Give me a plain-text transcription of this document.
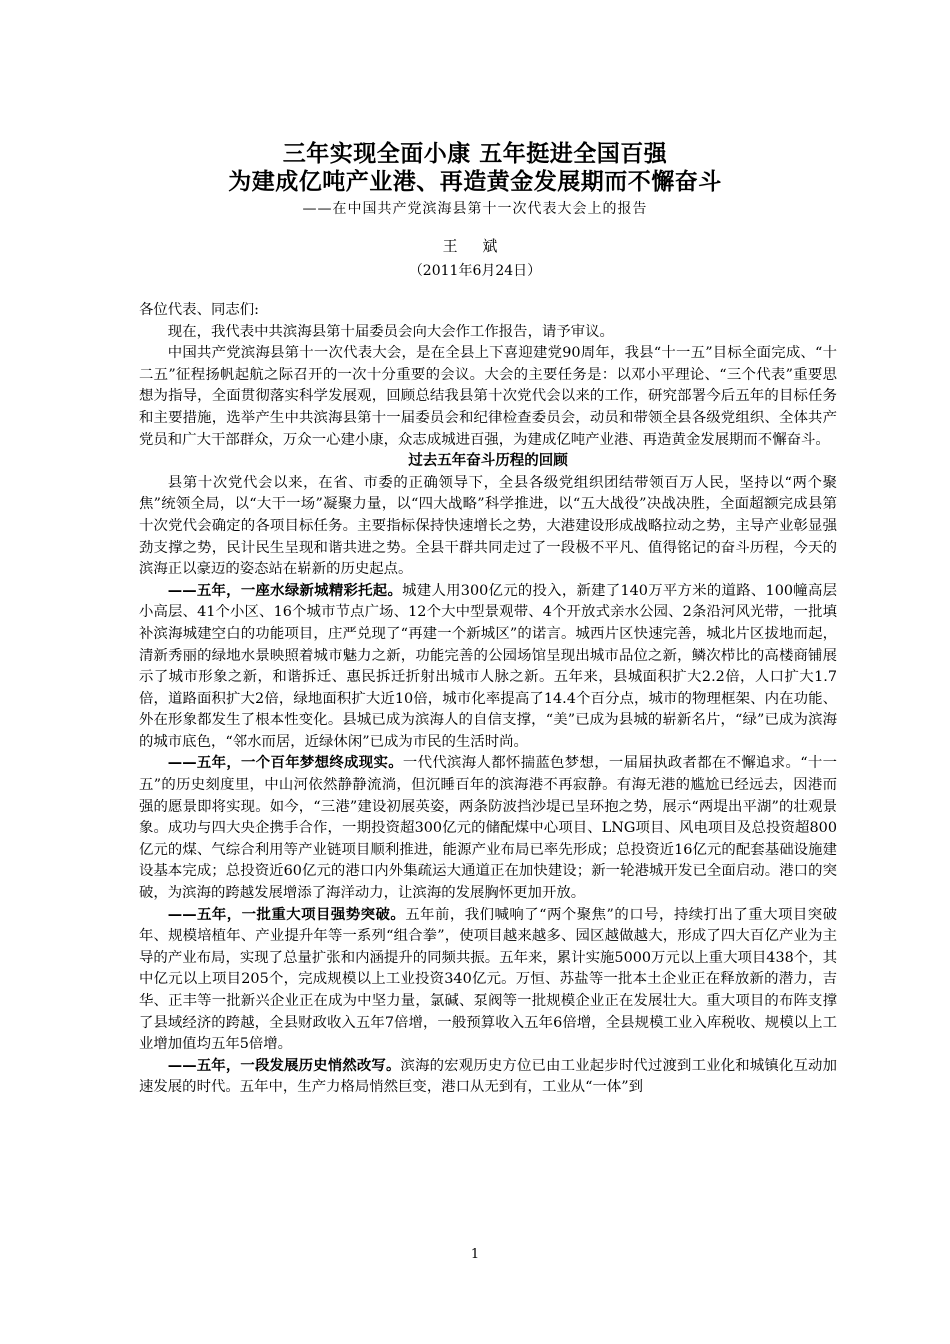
三年实现全面小康 五年挺进全国百强
为建成亿吨产业港、再造黄金发展期而不懈奋斗
——在中国共产党滨海县第十一次代表大会上的报告
王 斌
（2011年6月24日）

各位代表、同志们:

现在，我代表中共滨海县第十届委员会向大会作工作报告，请予审议。

中国共产党滨海县第十一次代表大会，是在全县上下喜迎建党90周年，我县“十一五”目标全面完成、“十二五”征程扬帆起航之际召开的一次十分重要的会议。大会的主要任务是：以邓小平理论、“三个代表”重要思想为指导，全面贯彻落实科学发展观，回顾总结我县第十次党代会以来的工作，研究部署今后五年的目标任务和主要措施，选举产生中共滨海县第十一届委员会和纪律检查委员会，动员和带领全县各级党组织、全体共产党员和广大干部群众，万众一心建小康，众志成城进百强，为建成亿吨产业港、再造黄金发展期而不懈奋斗。

过去五年奋斗历程的回顾

县第十次党代会以来，在省、市委的正确领导下，全县各级党组织团结带领百万人民，坚持以“两个聚焦”统领全局，以“大干一场”凝聚力量，以“四大战略”科学推进，以“五大战役”决战决胜，全面超额完成县第十次党代会确定的各项目标任务。主要指标保持快速增长之势，大港建设形成战略拉动之势，主导产业彰显强劲支撑之势，民计民生呈现和谐共进之势。全县干群共同走过了一段极不平凡、值得铭记的奋斗历程，今天的滨海正以豪迈的姿态站在崭新的历史起点。

——五年，一座水绿新城精彩托起。城建人用300亿元的投入，新建了140万平方米的道路、100幢高层小高层、41个小区、16个城市节点广场、12个大中型景观带、4个开放式亲水公园、2条沿河风光带，一批填补滨海城建空白的功能项目，庄严兑现了“再建一个新城区”的诺言。城西片区快速完善，城北片区拔地而起，清新秀丽的绿地水景映照着城市魅力之新，功能完善的公园场馆呈现出城市品位之新，鳞次栉比的高楼商铺展示了城市形象之新，和谐拆迁、惠民拆迁折射出城市人脉之新。五年来，县城面积扩大2.2倍，人口扩大1.7倍，道路面积扩大2倍，绿地面积扩大近10倍，城市化率提高了14.4个百分点，城市的物理框架、内在功能、外在形象都发生了根本性变化。县城已成为滨海人的自信支撑，“美”已成为县城的崭新名片，“绿”已成为滨海的城市底色，“邻水而居，近绿休闲”已成为市民的生活时尚。

——五年，一个百年梦想终成现实。一代代滨海人都怀揣蓝色梦想，一届届执政者都在不懈追求。“十一五”的历史刻度里，中山河依然静静流淌，但沉睡百年的滨海港不再寂静。有海无港的尴尬已经远去，因港而强的愿景即将实现。如今，“三港”建设初展英姿，两条防波挡沙堤已呈环抱之势，展示“两堤出平湖”的壮观景象。成功与四大央企携手合作，一期投资超300亿元的储配煤中心项目、LNG项目、风电项目及总投资超800亿元的煤、气综合利用等产业链项目顺利推进，能源产业布局已率先形成；总投资近16亿元的配套基础设施建设基本完成；总投资近60亿元的港口内外集疏运大通道正在加快建设；新一轮港城开发已全面启动。港口的突破，为滨海的跨越发展增添了海洋动力，让滨海的发展胸怀更加开放。

——五年，一批重大项目强势突破。五年前，我们喊响了“两个聚焦”的口号，持续打出了重大项目突破年、规模培植年、产业提升年等一系列“组合拳”，使项目越来越多、园区越做越大，形成了四大百亿产业为主导的产业布局，实现了总量扩张和内涵提升的同频共振。五年来，累计实施5000万元以上重大项目438个，其中亿元以上项目205个，完成规模以上工业投资340亿元。万恒、苏盐等一批本土企业正在释放新的潜力，吉华、正丰等一批新兴企业正在成为中坚力量，氯碱、泵阀等一批规模企业正在发展壮大。重大项目的布阵支撑了县域经济的跨越，全县财政收入五年7倍增，一般预算收入五年6倍增，全县规模工业入库税收、规模以上工业增加值均五年5倍增。

——五年，一段发展历史悄然改写。滨海的宏观历史方位已由工业起步时代过渡到工业化和城镇化互动加速发展的时代。五年中，生产力格局悄然巨变，港口从无到有，工业从“一体”到

1
